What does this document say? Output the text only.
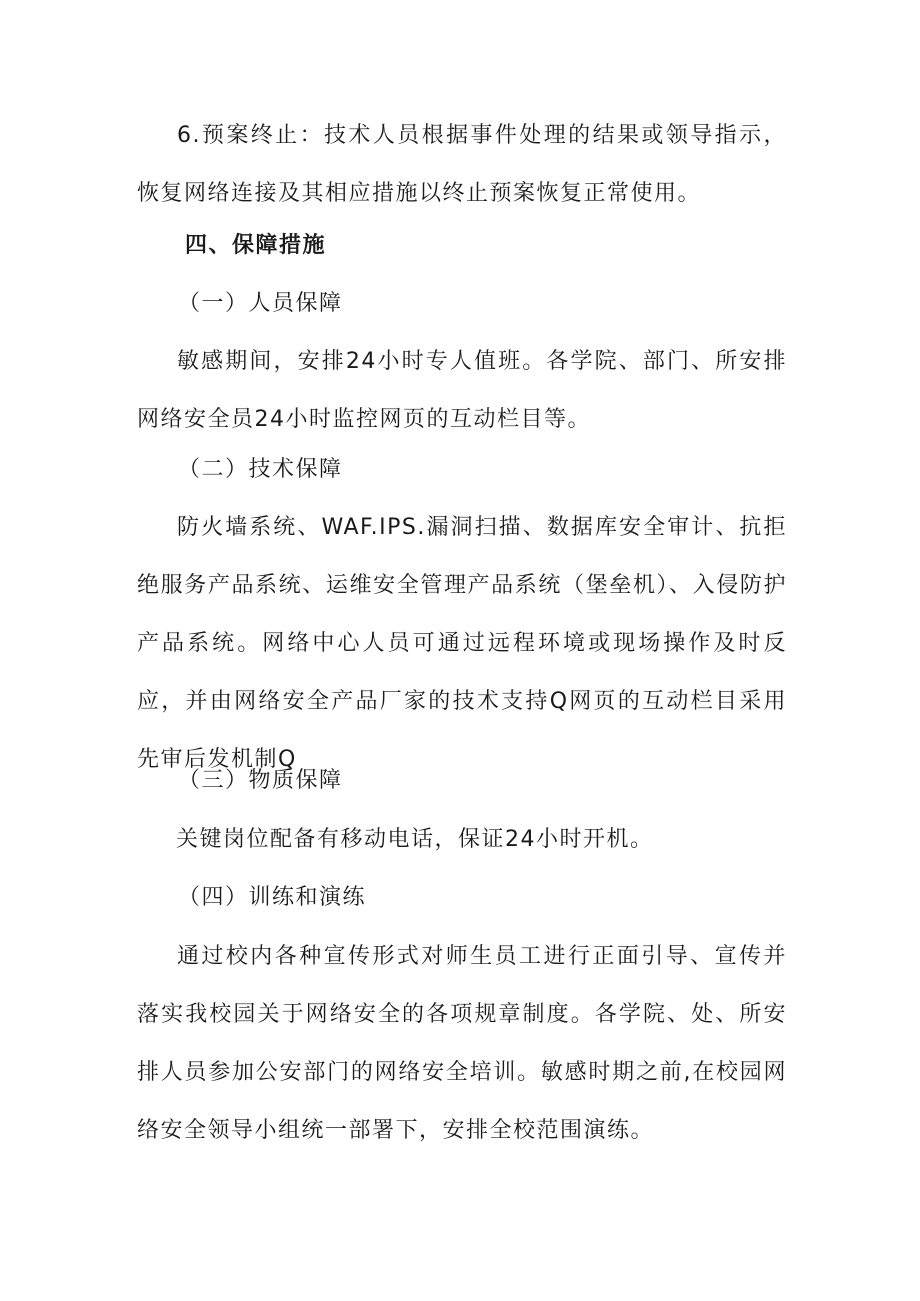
6.预案终止：技术人员根据事件处理的结果或领导指示，恢复网络连接及其相应措施以终止预案恢复正常使用。

四、保障措施

（一）人员保障

敏感期间，安排24小时专人值班。各学院、部门、所安排网络安全员24小时监控网页的互动栏目等。

（二）技术保障

防火墙系统、WAF.IPS.漏洞扫描、数据库安全审计、抗拒绝服务产品系统、运维安全管理产品系统（堡垒机）、入侵防护产品系统。网络中心人员可通过远程环境或现场操作及时反应，并由网络安全产品厂家的技术支持Q网页的互动栏目采用先审后发机制Q

（三）物质保障

关键岗位配备有移动电话，保证24小时开机。

（四）训练和演练

通过校内各种宣传形式对师生员工进行正面引导、宣传并落实我校园关于网络安全的各项规章制度。各学院、处、所安排人员参加公安部门的网络安全培训。敏感时期之前,在校园网络安全领导小组统一部署下，安排全校范围演练。
